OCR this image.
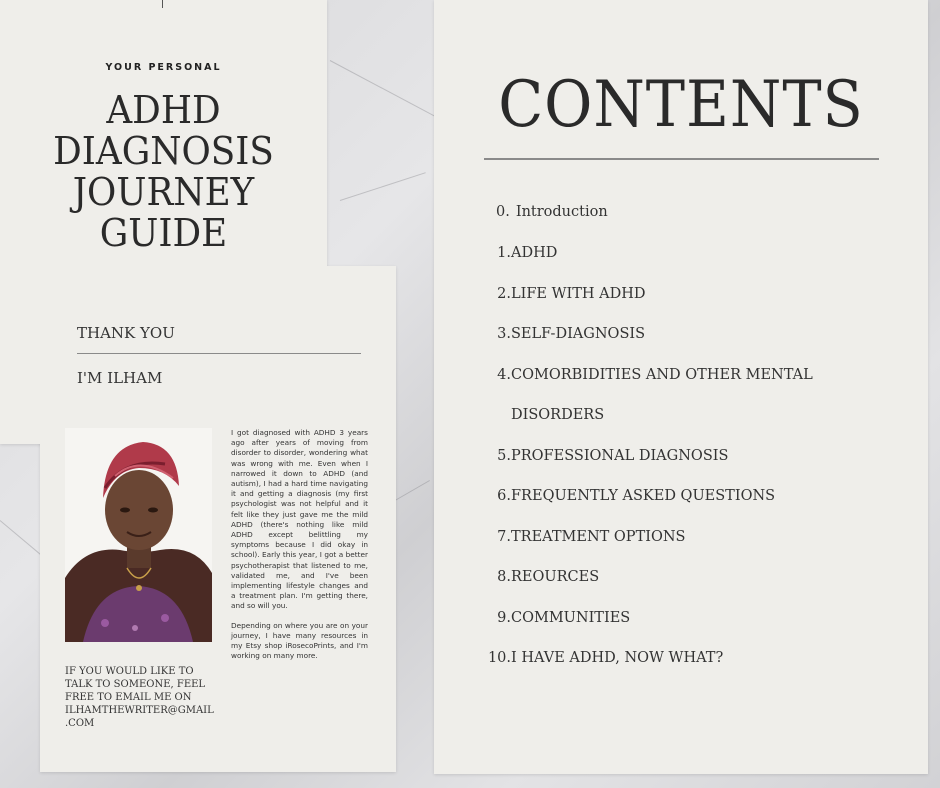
YOUR PERSONAL
ADHD
DIAGNOSIS
JOURNEY
GUIDE
THANK YOU
I'M ILHAM

I got diagnosed with ADHD 3 years ago after years of moving from disorder to disorder, wondering what was wrong with me. Even when I narrowed it down to ADHD (and autism), I had a hard time navigating it and getting a diagnosis (my first psychologist was not helpful and it felt like they just gave me the mild ADHD (there's nothing like mild ADHD except belittling my symptoms because I did okay in school). Early this year, I got a better psychotherapist that listened to me, validated me, and I've been implementing lifestyle changes and a treatment plan. I'm getting there, and so will you.

Depending on where you are on your journey, I have many resources in my Etsy shop iRosecoPrints, and I'm working on many more.

IF YOU WOULD LIKE TO
TALK TO SOMEONE, FEEL
FREE TO EMAIL ME ON
ILHAMTHEWRITER@GMAIL
.COM
CONTENTS
0. Introduction
1.ADHD
2.LIFE WITH ADHD
3.SELF-DIAGNOSIS
4.COMORBIDITIES AND OTHER MENTAL
DISORDERS
5.PROFESSIONAL DIAGNOSIS
6.FREQUENTLY ASKED QUESTIONS
7.TREATMENT OPTIONS
8.REOURCES
9.COMMUNITIES
10.I HAVE ADHD, NOW WHAT?
